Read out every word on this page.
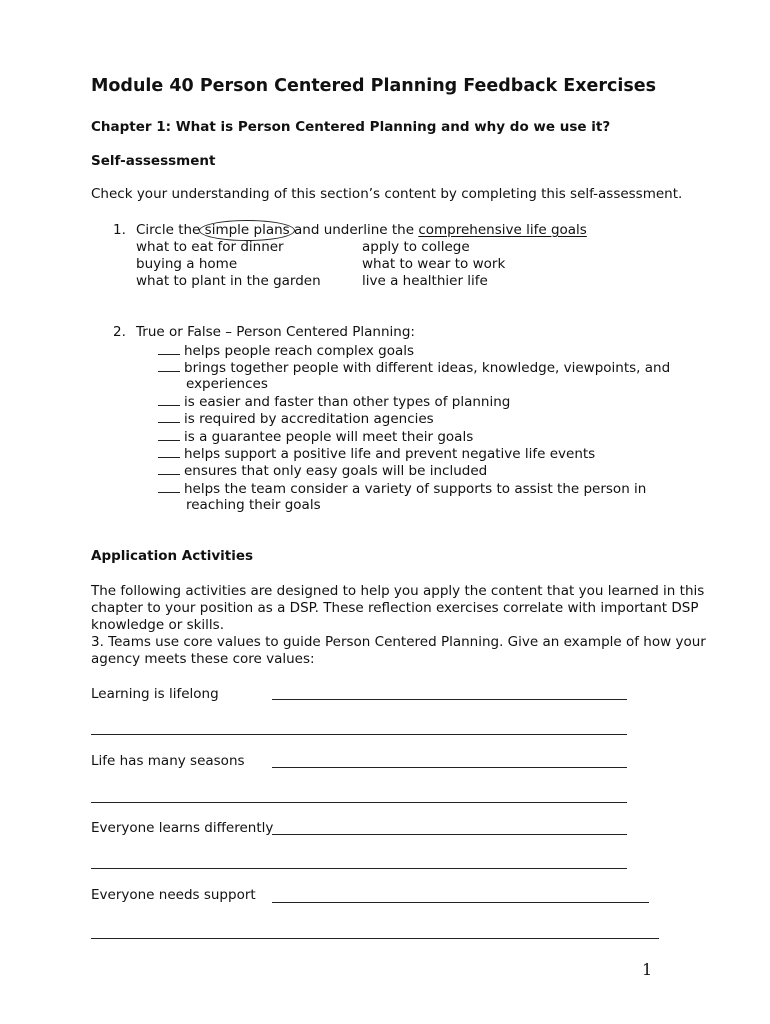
Module 40 Person Centered Planning Feedback Exercises
Chapter 1: What is Person Centered Planning and why do we use it?
Self-assessment
Check your understanding of this section’s content by completing this self-assessment.
1. Circle the simple plans and underline the comprehensive life goals
what to eat for dinner
buying a home
what to plant in the garden
apply to college
what to wear to work
live a healthier life
2. True or False – Person Centered Planning:
helps people reach complex goals
brings together people with different ideas, knowledge, viewpoints, and
experiences
is easier and faster than other types of planning
is required by accreditation agencies
is a guarantee people will meet their goals
helps support a positive life and prevent negative life events
ensures that only easy goals will be included
helps the team consider a variety of supports to assist the person in
reaching their goals
Application Activities
The following activities are designed to help you apply the content that you learned in this
chapter to your position as a DSP. These reflection exercises correlate with important DSP
knowledge or skills.
3. Teams use core values to guide Person Centered Planning. Give an example of how your
agency meets these core values:
Learning is lifelong
Life has many seasons
Everyone learns differently
Everyone needs support
1
